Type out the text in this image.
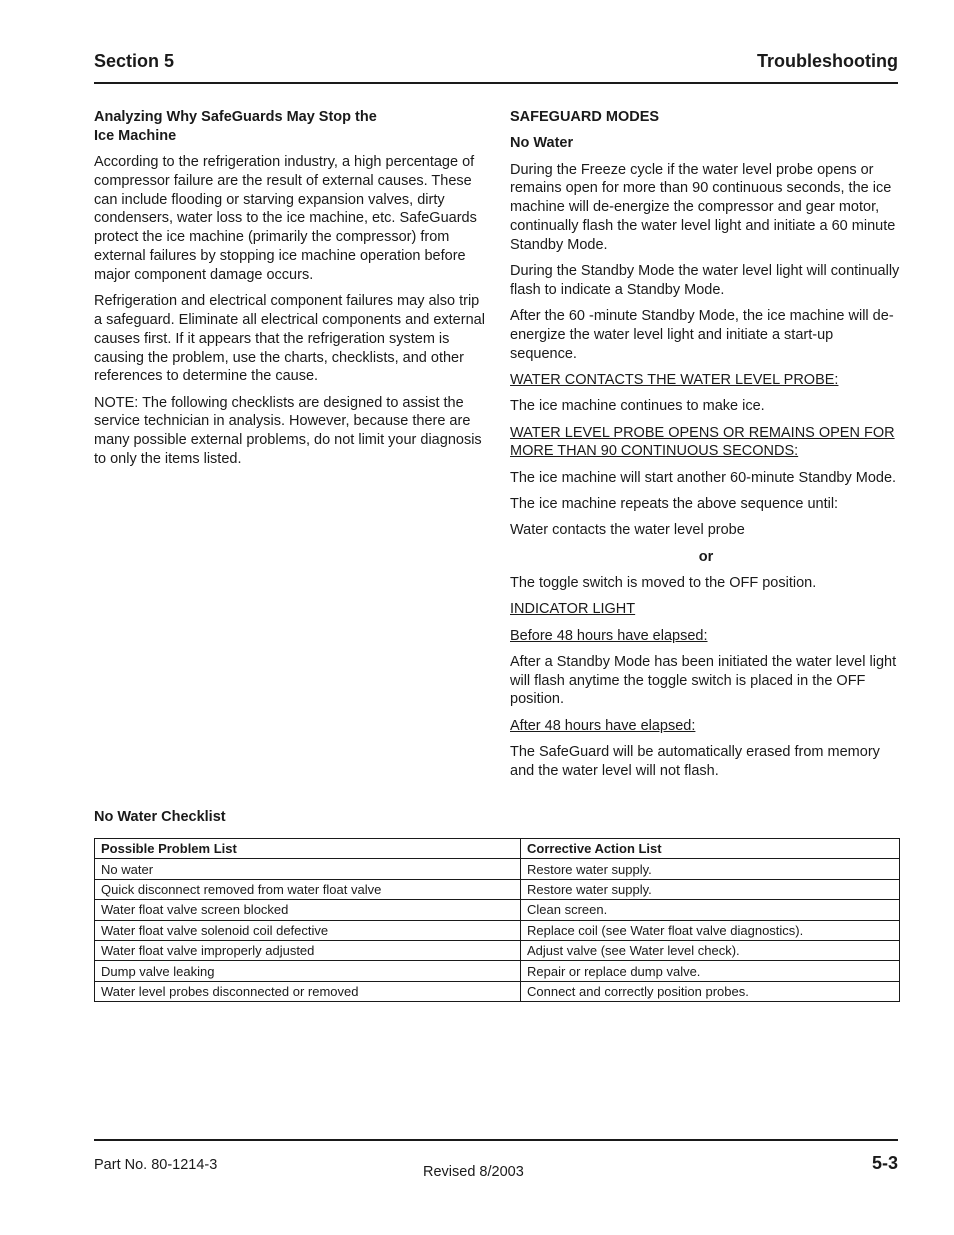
Section 5	Troubleshooting
Analyzing Why SafeGuards May Stop the
Ice Machine

According to the refrigeration industry, a high percentage of compressor failure are the result of external causes. These can include flooding or starving expansion valves, dirty condensers, water loss to the ice machine, etc. SafeGuards protect the ice machine (primarily the compressor) from external failures by stopping ice machine operation before major component damage occurs.

Refrigeration and electrical component failures may also trip a safeguard. Eliminate all electrical components and external causes first. If it appears that the refrigeration system is causing the problem, use the charts, checklists, and other references to determine the cause.

NOTE: The following checklists are designed to assist the service technician in analysis. However, because there are many possible external problems, do not limit your diagnosis to only the items listed.

SAFEGUARD MODES
No Water

During the Freeze cycle if the water level probe opens or remains open for more than 90 continuous seconds, the ice machine will de-energize the compressor and gear motor, continually flash the water level light and initiate a 60 minute Standby Mode.

During the Standby Mode the water level light will continually flash to indicate a Standby Mode.

After the 60 -minute Standby Mode, the ice machine will de-energize the water level light and initiate a start-up sequence.

WATER CONTACTS THE WATER LEVEL PROBE:

The ice machine continues to make ice.

WATER LEVEL PROBE OPENS OR REMAINS OPEN FOR MORE THAN 90 CONTINUOUS SECONDS:

The ice machine will start another 60-minute Standby Mode.

The ice machine repeats the above sequence until:

Water contacts the water level probe

or

The toggle switch is moved to the OFF position.

INDICATOR LIGHT

Before 48 hours have elapsed:

After a Standby Mode has been initiated the water level light will flash anytime the toggle switch is placed in the OFF position.

After 48 hours have elapsed:

The SafeGuard will be automatically erased from memory and the water level will not flash.

No Water Checklist
Possible Problem List	Corrective Action List
No water	Restore water supply.
Quick disconnect removed from water float valve	Restore water supply.
Water float valve screen blocked	Clean screen.
Water float valve solenoid coil defective	Replace coil (see Water float valve diagnostics).
Water float valve improperly adjusted	Adjust valve (see Water level check).
Dump valve leaking	Repair or replace dump valve.
Water level probes disconnected or removed	Connect and correctly position probes.
Part No. 80-1214-3	Revised 8/2003	5-3
